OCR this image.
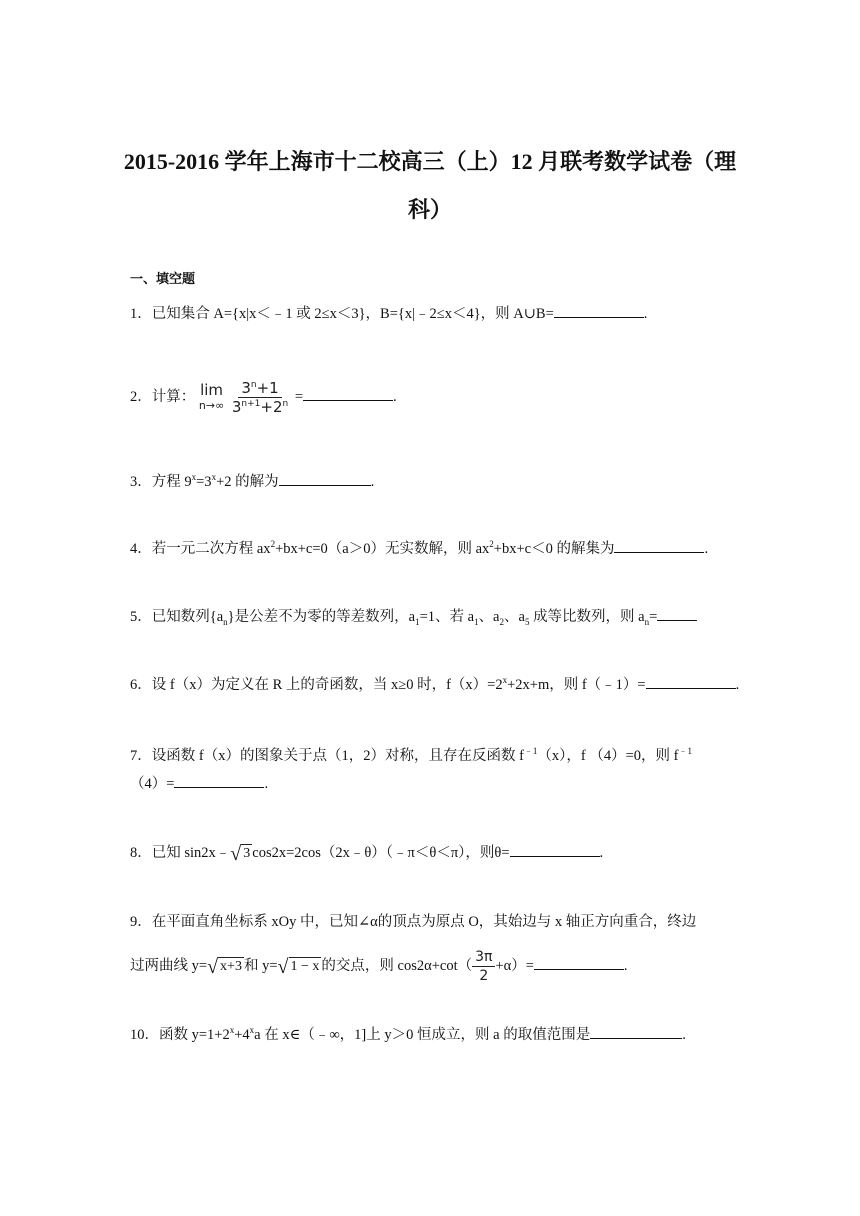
2015-2016 学年上海市十二校高三（上）12 月联考数学试卷（理
科）
一、填空题
1．已知集合 A={x|x＜﹣1 或 2≤x＜3}，B={x|﹣2≤x＜4}，则 A∪B=	.
2．计算： lim
n→∞
$\frac{3^n+1}{3^{n+1}+2^n}$ =	.
3．方程 $9^x=3^x+2$ 的解为	.
4．若一元二次方程 $ax^2+bx+c=0(a>0)$无实数解，则 $ax^2+bx+c<0$ 的解集为	.
5．已知数列$\{a_n\}$是公差不为零的等差数列，$a_1=1$、若 $a_1$、$a_2$、$a_5$ 成等比数列，则 $a_n=$
6．设 f（x）为定义在 R 上的奇函数，当 x≥0 时，$f(x)=2^x+2x+m$，则 f（﹣1）=	.
7．设函数 f（x）的图象关于点（1，2）对称，且存在反函数 $f^{﹣1}(x)$，f （4）=0，则 $f^{﹣1}$
（4）=	.
8．已知 sin2x﹣ √ 3 cos2x=2cos（2x﹣θ）（﹣π＜θ＜π），则θ=	.
9．在平面直角坐标系 xOy 中，已知∠α的顶点为原点 O，其始边与 x 轴正方向重合，终边
过两曲线 y= √ x+3 和 y= √ 1 − x 的交点，则 $\cos 2\alpha+\cot( \frac{3\pi}{2} +\alpha)=$	.
10．函数 $y=1+2^x+4^xa$ 在 x∈（﹣∞，1]上 y＞0 恒成立，则 a 的取值范围是	.
